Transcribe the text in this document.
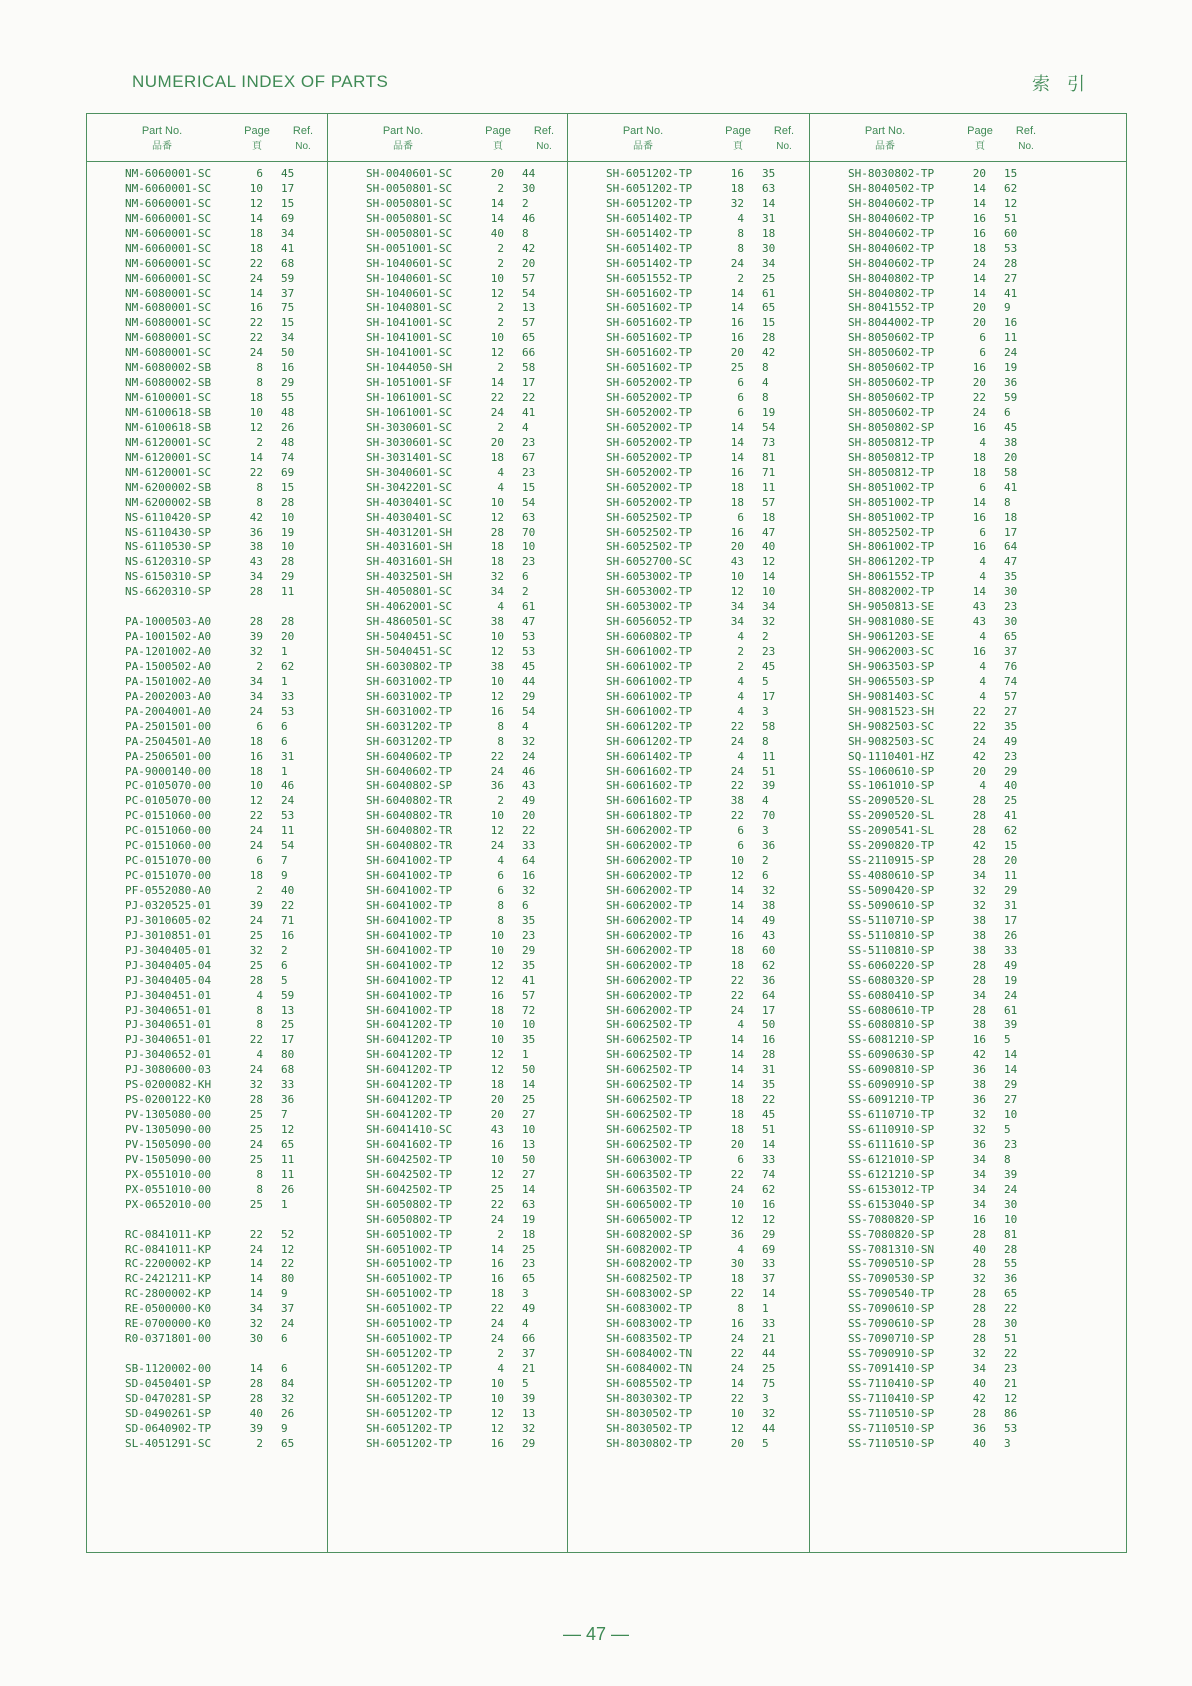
NUMERICAL INDEX OF PARTS	索 引
Part No.
品番
Page
頁
Ref.
No.
NM-6060001-SC	6 45
NM-6060001-SC	10 17
NM-6060001-SC	12 15
NM-6060001-SC	14 69
NM-6060001-SC	18 34
NM-6060001-SC	18 41
NM-6060001-SC	22 68
NM-6060001-SC	24 59
NM-6080001-SC	14 37
NM-6080001-SC	16 75
NM-6080001-SC	22 15
NM-6080001-SC	22 34
NM-6080001-SC	24 50
NM-6080002-SB	8 16
NM-6080002-SB	8 29
NM-6100001-SC	18 55
NM-6100618-SB	10 48
NM-6100618-SB	12 26
NM-6120001-SC	2 48
NM-6120001-SC	14 74
NM-6120001-SC	22 69
NM-6200002-SB	8 15
NM-6200002-SB	8 28
NS-6110420-SP	42 10
NS-6110430-SP	36 19
NS-6110530-SP	38 10
NS-6120310-SP	43 28
NS-6150310-SP	34 29
NS-6620310-SP	28 11
PA-1000503-A0	28 28
PA-1001502-A0	39 20
PA-1201002-A0	32 1
PA-1500502-A0	2 62
PA-1501002-A0	34 1
PA-2002003-A0	34 33
PA-2004001-A0	24 53
PA-2501501-00	6 6
PA-2504501-A0	18 6
PA-2506501-00	16 31
PA-9000140-00	18 1
PC-0105070-00	10 46
PC-0105070-00	12 24
PC-0151060-00	22 53
PC-0151060-00	24 11
PC-0151060-00	24 54
PC-0151070-00	6 7
PC-0151070-00	18 9
PF-0552080-A0	2 40
PJ-0320525-01	39 22
PJ-3010605-02	24 71
PJ-3010851-01	25 16
PJ-3040405-01	32 2
PJ-3040405-04	25 6
PJ-3040405-04	28 5
PJ-3040451-01	4 59
PJ-3040651-01	8 13
PJ-3040651-01	8 25
PJ-3040651-01	22 17
PJ-3040652-01	4 80
PJ-3080600-03	24 68
PS-0200082-KH	32 33
PS-0200122-K0	28 36
PV-1305080-00	25 7
PV-1305090-00	25 12
PV-1505090-00	24 65
PV-1505090-00	25 11
PX-0551010-00	8 11
PX-0551010-00	8 26
PX-0652010-00	25 1
RC-0841011-KP	22 52
RC-0841011-KP	24 12
RC-2200002-KP	14 22
RC-2421211-KP	14 80
RC-2800002-KP	14 9
RE-0500000-K0	34 37
RE-0700000-K0	32 24
R0-0371801-00	30 6
SB-1120002-00	14 6
SD-0450401-SP	28 84
SD-0470281-SP	28 32
SD-0490261-SP	40 26
SD-0640902-TP	39 9
SL-4051291-SC	2 65
Part No.
品番
Page
頁
Ref.
No.
SH-0040601-SC	20 44
SH-0050801-SC	2 30
SH-0050801-SC	14 2
SH-0050801-SC	14 46
SH-0050801-SC	40 8
SH-0051001-SC	2 42
SH-1040601-SC	2 20
SH-1040601-SC	10 57
SH-1040601-SC	12 54
SH-1040801-SC	2 13
SH-1041001-SC	2 57
SH-1041001-SC	10 65
SH-1041001-SC	12 66
SH-1044050-SH	2 58
SH-1051001-SF	14 17
SH-1061001-SC	22 22
SH-1061001-SC	24 41
SH-3030601-SC	2 4
SH-3030601-SC	20 23
SH-3031401-SC	18 67
SH-3040601-SC	4 23
SH-3042201-SC	4 15
SH-4030401-SC	10 54
SH-4030401-SC	12 63
SH-4031201-SH	28 70
SH-4031601-SH	18 10
SH-4031601-SH	18 23
SH-4032501-SH	32 6
SH-4050801-SC	34 2
SH-4062001-SC	4 61
SH-4860501-SC	38 47
SH-5040451-SC	10 53
SH-5040451-SC	12 53
SH-6030802-TP	38 45
SH-6031002-TP	10 44
SH-6031002-TP	12 29
SH-6031002-TP	16 54
SH-6031202-TP	8 4
SH-6031202-TP	8 32
SH-6040602-TP	22 24
SH-6040602-TP	24 46
SH-6040802-SP	36 43
SH-6040802-TR	2 49
SH-6040802-TR	10 20
SH-6040802-TR	12 22
SH-6040802-TR	24 33
SH-6041002-TP	4 64
SH-6041002-TP	6 16
SH-6041002-TP	6 32
SH-6041002-TP	8 6
SH-6041002-TP	8 35
SH-6041002-TP	10 23
SH-6041002-TP	10 29
SH-6041002-TP	12 35
SH-6041002-TP	12 41
SH-6041002-TP	16 57
SH-6041002-TP	18 72
SH-6041202-TP	10 10
SH-6041202-TP	10 35
SH-6041202-TP	12 1
SH-6041202-TP	12 50
SH-6041202-TP	18 14
SH-6041202-TP	20 25
SH-6041202-TP	20 27
SH-6041410-SC	43 10
SH-6041602-TP	16 13
SH-6042502-TP	10 50
SH-6042502-TP	12 27
SH-6042502-TP	25 14
SH-6050802-TP	22 63
SH-6050802-TP	24 19
SH-6051002-TP	2 18
SH-6051002-TP	14 25
SH-6051002-TP	16 23
SH-6051002-TP	16 65
SH-6051002-TP	18 3
SH-6051002-TP	22 49
SH-6051002-TP	24 4
SH-6051002-TP	24 66
SH-6051202-TP	2 37
SH-6051202-TP	4 21
SH-6051202-TP	10 5
SH-6051202-TP	10 39
SH-6051202-TP	12 13
SH-6051202-TP	12 32
SH-6051202-TP	16 29
Part No.
品番
Page
頁
Ref.
No.
SH-6051202-TP	16 35
SH-6051202-TP	18 63
SH-6051202-TP	32 14
SH-6051402-TP	4 31
SH-6051402-TP	8 18
SH-6051402-TP	8 30
SH-6051402-TP	24 34
SH-6051552-TP	2 25
SH-6051602-TP	14 61
SH-6051602-TP	14 65
SH-6051602-TP	16 15
SH-6051602-TP	16 28
SH-6051602-TP	20 42
SH-6051602-TP	25 8
SH-6052002-TP	6 4
SH-6052002-TP	6 8
SH-6052002-TP	6 19
SH-6052002-TP	14 54
SH-6052002-TP	14 73
SH-6052002-TP	14 81
SH-6052002-TP	16 71
SH-6052002-TP	18 11
SH-6052002-TP	18 57
SH-6052502-TP	6 18
SH-6052502-TP	16 47
SH-6052502-TP	20 40
SH-6052700-SC	43 12
SH-6053002-TP	10 14
SH-6053002-TP	12 10
SH-6053002-TP	34 34
SH-6056052-TP	34 32
SH-6060802-TP	4 2
SH-6061002-TP	2 23
SH-6061002-TP	2 45
SH-6061002-TP	4 5
SH-6061002-TP	4 17
SH-6061002-TP	4 3
SH-6061202-TP	22 58
SH-6061202-TP	24 8
SH-6061402-TP	4 11
SH-6061602-TP	24 51
SH-6061602-TP	22 39
SH-6061602-TP	38 4
SH-6061802-TP	22 70
SH-6062002-TP	6 3
SH-6062002-TP	6 36
SH-6062002-TP	10 2
SH-6062002-TP	12 6
SH-6062002-TP	14 32
SH-6062002-TP	14 38
SH-6062002-TP	14 49
SH-6062002-TP	16 43
SH-6062002-TP	18 60
SH-6062002-TP	18 62
SH-6062002-TP	22 36
SH-6062002-TP	22 64
SH-6062002-TP	24 17
SH-6062502-TP	4 50
SH-6062502-TP	14 16
SH-6062502-TP	14 28
SH-6062502-TP	14 31
SH-6062502-TP	14 35
SH-6062502-TP	18 22
SH-6062502-TP	18 45
SH-6062502-TP	18 51
SH-6062502-TP	20 14
SH-6063002-TP	6 33
SH-6063502-TP	22 74
SH-6063502-TP	24 62
SH-6065002-TP	10 16
SH-6065002-TP	12 12
SH-6082002-SP	36 29
SH-6082002-TP	4 69
SH-6082002-TP	30 33
SH-6082502-TP	18 37
SH-6083002-SP	22 14
SH-6083002-TP	8 1
SH-6083002-TP	16 33
SH-6083502-TP	24 21
SH-6084002-TN	22 44
SH-6084002-TN	24 25
SH-6085502-TP	14 75
SH-8030302-TP	22 3
SH-8030502-TP	10 32
SH-8030502-TP	12 44
SH-8030802-TP	20 5
Part No.
品番
Page
頁
Ref.
No.
SH-8030802-TP	20 15
SH-8040502-TP	14 62
SH-8040602-TP	14 12
SH-8040602-TP	16 51
SH-8040602-TP	16 60
SH-8040602-TP	18 53
SH-8040602-TP	24 28
SH-8040802-TP	14 27
SH-8040802-TP	14 41
SH-8041552-TP	20 9
SH-8044002-TP	20 16
SH-8050602-TP	6 11
SH-8050602-TP	6 24
SH-8050602-TP	16 19
SH-8050602-TP	20 36
SH-8050602-TP	22 59
SH-8050602-TP	24 6
SH-8050802-SP	16 45
SH-8050812-TP	4 38
SH-8050812-TP	18 20
SH-8050812-TP	18 58
SH-8051002-TP	6 41
SH-8051002-TP	14 8
SH-8051002-TP	16 18
SH-8052502-TP	6 17
SH-8061002-TP	16 64
SH-8061202-TP	4 47
SH-8061552-TP	4 35
SH-8082002-TP	14 30
SH-9050813-SE	43 23
SH-9081080-SE	43 30
SH-9061203-SE	4 65
SH-9062003-SC	16 37
SH-9063503-SP	4 76
SH-9065503-SP	4 74
SH-9081403-SC	4 57
SH-9081523-SH	22 27
SH-9082503-SC	22 35
SH-9082503-SC	24 49
SQ-1110401-HZ	42 23
SS-1060610-SP	20 29
SS-1061010-SP	4 40
SS-2090520-SL	28 25
SS-2090520-SL	28 41
SS-2090541-SL	28 62
SS-2090820-TP	42 15
SS-2110915-SP	28 20
SS-4080610-SP	34 11
SS-5090420-SP	32 29
SS-5090610-SP	32 31
SS-5110710-SP	38 17
SS-5110810-SP	38 26
SS-5110810-SP	38 33
SS-6060220-SP	28 49
SS-6080320-SP	28 19
SS-6080410-SP	34 24
SS-6080610-TP	28 61
SS-6080810-SP	38 39
SS-6081210-SP	16 5
SS-6090630-SP	42 14
SS-6090810-SP	36 14
SS-6090910-SP	38 29
SS-6091210-TP	36 27
SS-6110710-TP	32 10
SS-6110910-SP	32 5
SS-6111610-SP	36 23
SS-6121010-SP	34 8
SS-6121210-SP	34 39
SS-6153012-TP	34 24
SS-6153040-SP	34 30
SS-7080820-SP	16 10
SS-7080820-SP	28 81
SS-7081310-SN	40 28
SS-7090510-SP	28 55
SS-7090530-SP	32 36
SS-7090540-TP	28 65
SS-7090610-SP	28 22
SS-7090610-SP	28 30
SS-7090710-SP	28 51
SS-7090910-SP	32 22
SS-7091410-SP	34 23
SS-7110410-SP	40 21
SS-7110410-SP	42 12
SS-7110510-SP	28 86
SS-7110510-SP	36 53
SS-7110510-SP	40 3
— 47 —
